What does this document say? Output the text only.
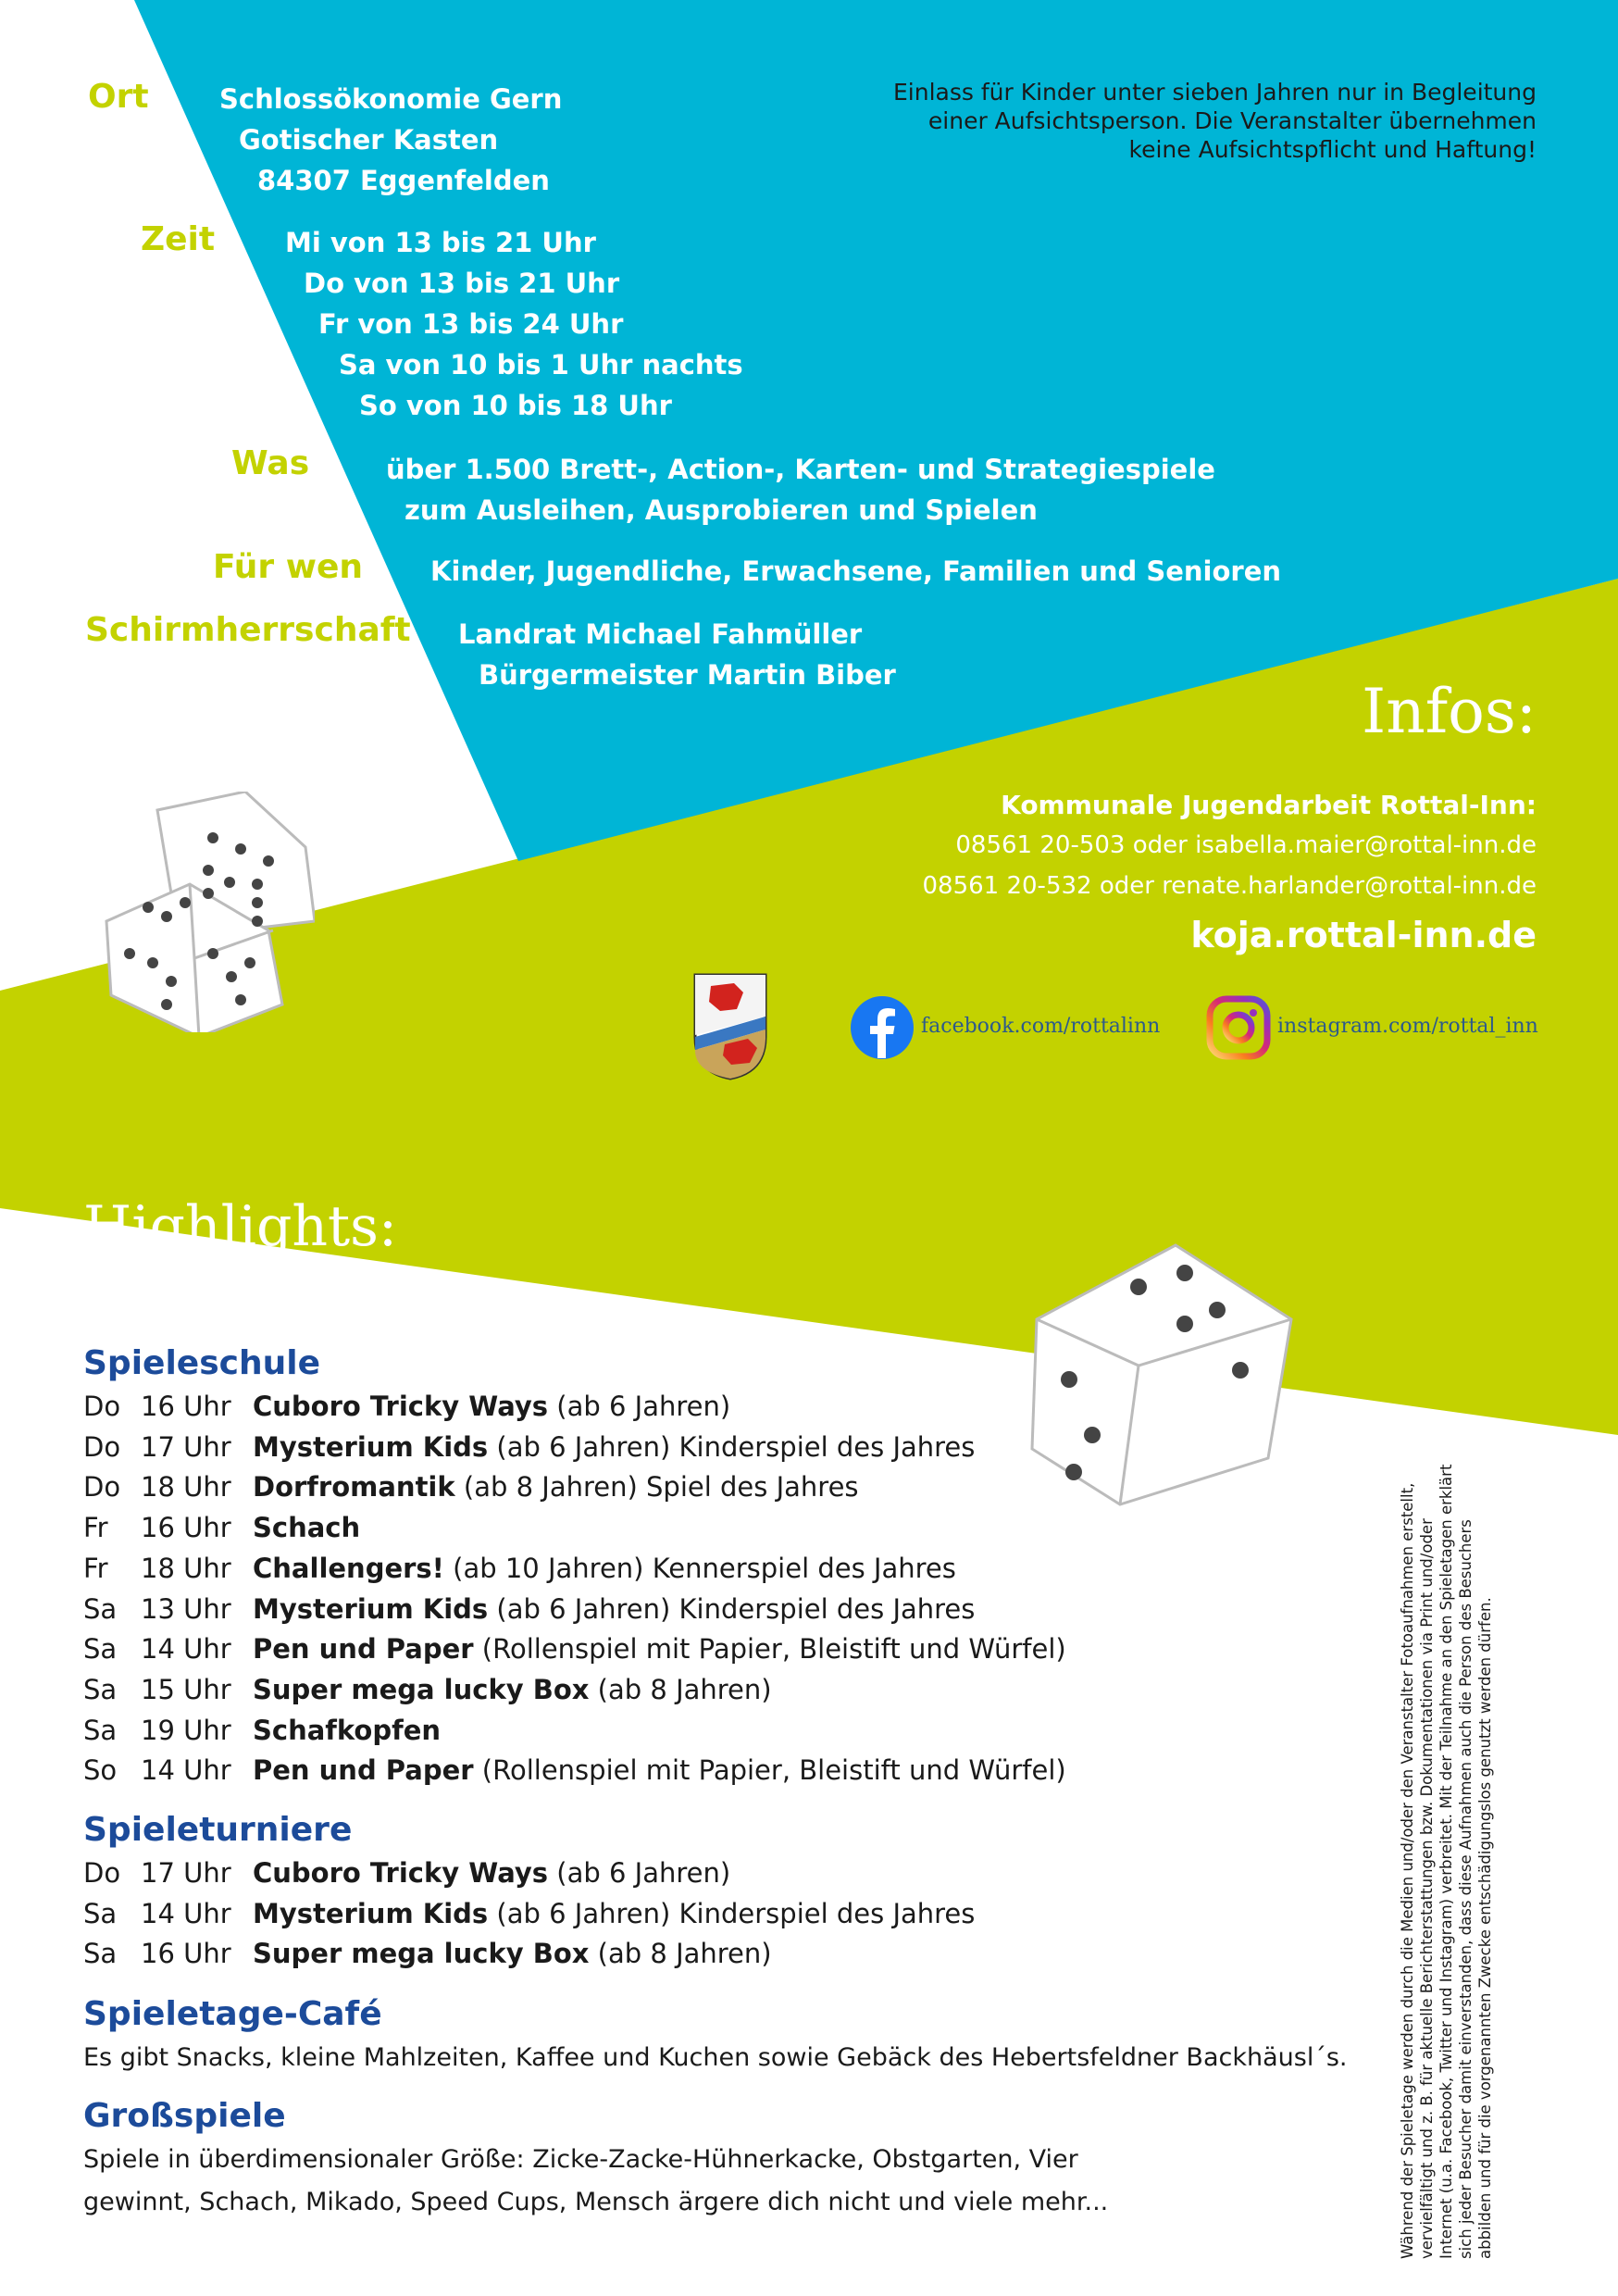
Ort	Schlossökonomie Gern
Gotischer Kasten
84307 Eggenfelden
Zeit	Mi von 13 bis 21 Uhr
Do von 13 bis 21 Uhr
Fr von 13 bis 24 Uhr
Sa von 10 bis 1 Uhr nachts
So von 10 bis 18 Uhr
Was	über 1.500 Brett-, Action-, Karten- und Strategiespiele
zum Ausleihen, Ausprobieren und Spielen
Für wen	Kinder, Jugendliche, Erwachsene, Familien und Senioren
Schirmherrschaft Landrat Michael Fahmüller
Bürgermeister Martin Biber
Einlass für Kinder unter sieben Jahren nur in Begleitung
einer Aufsichtsperson. Die Veranstalter übernehmen
keine Aufsichtspflicht und Haftung!
Infos:
Kommunale Jugendarbeit Rottal-Inn:
08561 20-503 oder isabella.maier@rottal-inn.de
08561 20-532 oder renate.harlander@rottal-inn.de
koja.rottal-inn.de
facebook.com/rottalinn	instagram.com/rottal_inn
Highlights:
Spieleschule
Do 16 Uhr Cuboro Tricky Ways (ab 6 Jahren)
Do 17 Uhr Mysterium Kids (ab 6 Jahren) Kinderspiel des Jahres
Do 18 Uhr Dorfromantik (ab 8 Jahren) Spiel des Jahres
Fr	16 Uhr Schach
Fr	18 Uhr Challengers! (ab 10 Jahren) Kennerspiel des Jahres
Sa 13 Uhr Mysterium Kids (ab 6 Jahren) Kinderspiel des Jahres
Sa 14 Uhr Pen und Paper (Rollenspiel mit Papier, Bleistift und Würfel)
Sa 15 Uhr Super mega lucky Box (ab 8 Jahren)
Sa 19 Uhr Schafkopfen
So 14 Uhr Pen und Paper (Rollenspiel mit Papier, Bleistift und Würfel)
Spieleturniere
Do 17 Uhr Cuboro Tricky Ways (ab 6 Jahren)
Sa 14 Uhr Mysterium Kids (ab 6 Jahren) Kinderspiel des Jahres
Sa 16 Uhr Super mega lucky Box (ab 8 Jahren)
Spieletage-Café
Es gibt Snacks, kleine Mahlzeiten, Kaffee und Kuchen sowie Gebäck des Hebertsfeldner Backhäusl´s.
Großspiele
Spiele in überdimensionaler Größe: Zicke-Zacke-Hühnerkacke, Obstgarten, Vier gewinnt, Schach, Mikado, Speed Cups, Mensch ärgere dich nicht und viele mehr...	Während der Spieletage werden durch die Medien und/oder den Veranstalter Fotoaufnahmen erstellt, vervielfältigt und z. B. für aktuelle Berichterstattungen bzw. Dokumentationen via Print und/oder Internet (u.a. Facebook, Twitter und Instagram) verbreitet. Mit der Teilnahme an den Spieletagen erklärt sich jeder Besucher damit einverstanden, dass diese Aufnahmen auch die Person des Besuchers abbilden und für die vorgenannten Zwecke entschädigungslos genutzt werden dürfen.
